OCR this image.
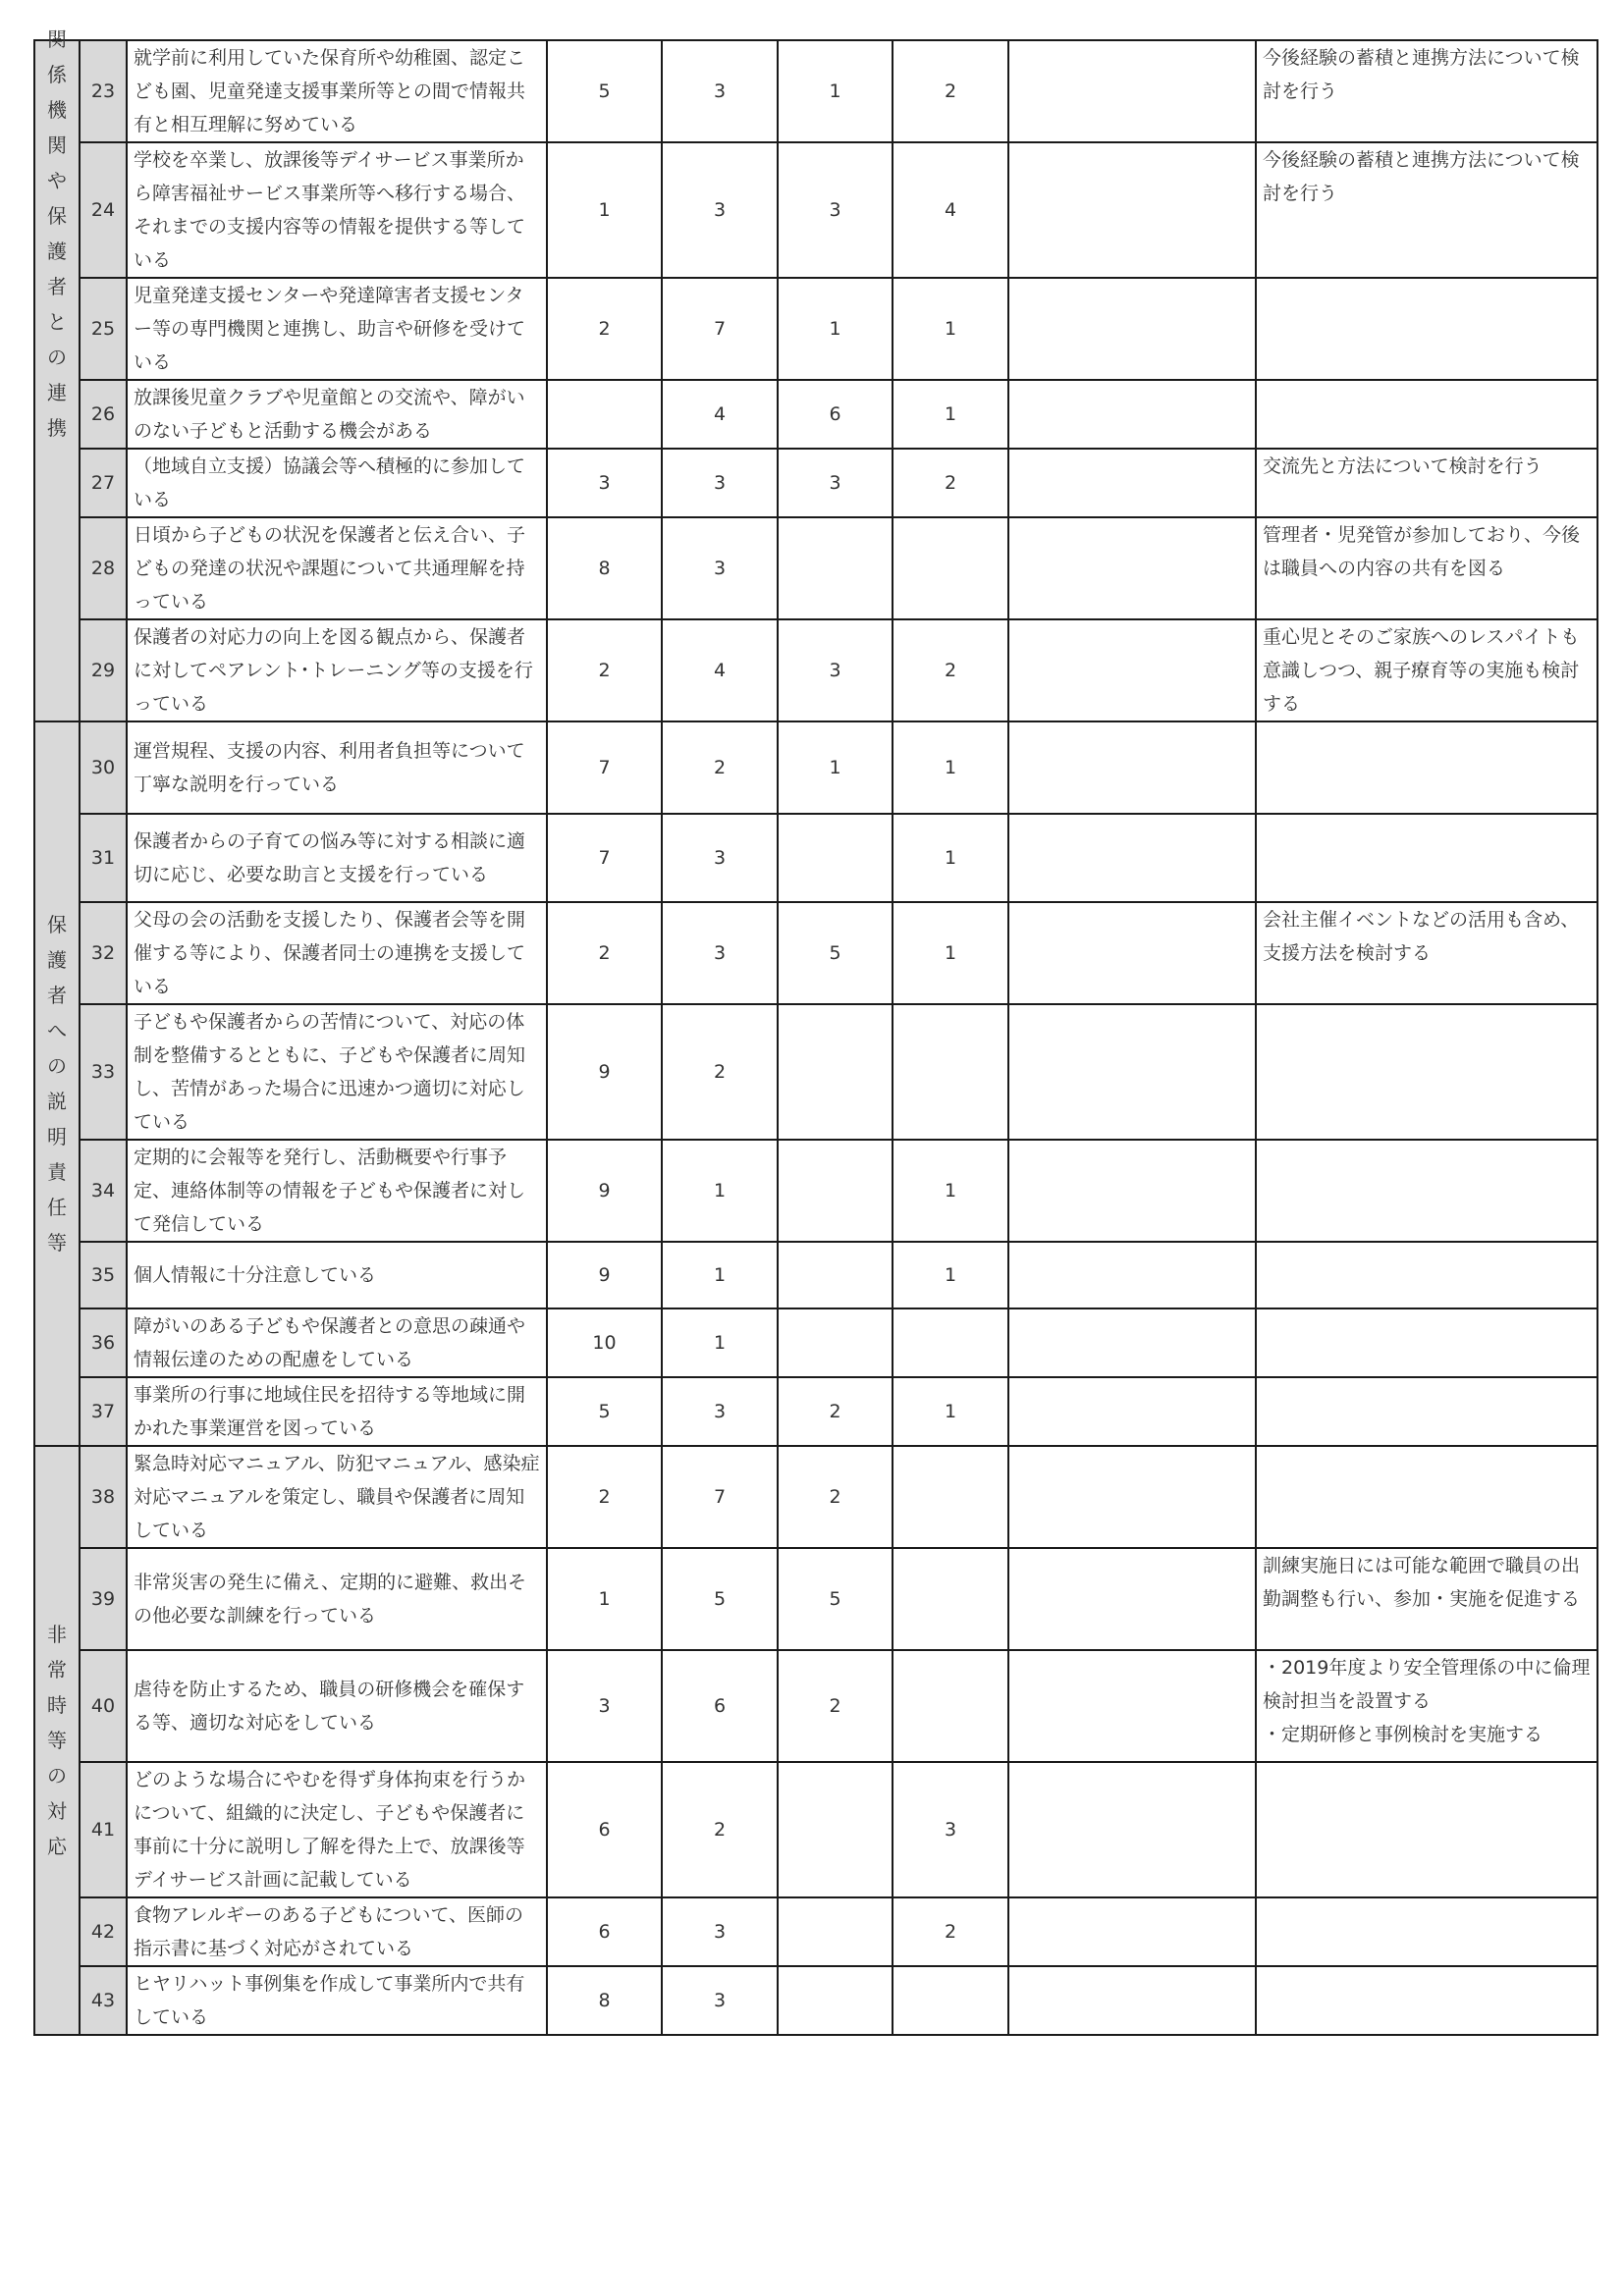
関係機関や保護者との連携	23	就学前に利用していた保育所や幼稚園、認定こども園、児童発達支援事業所等との間で情報共有と相互理解に努めている	5	3	1	2		今後経験の蓄積と連携方法について検討を行う
	24	学校を卒業し、放課後等デイサービス事業所から障害福祉サービス事業所等へ移行する場合、それまでの支援内容等の情報を提供する等している	1	3	3	4		今後経験の蓄積と連携方法について検討を行う
	25	児童発達支援センターや発達障害者支援センター等の専門機関と連携し、助言や研修を受けている	2	7	1	1		
	26	放課後児童クラブや児童館との交流や、障がいのない子どもと活動する機会がある		4	6	1		
	27	（地域自立支援）協議会等へ積極的に参加している	3	3	3	2		交流先と方法について検討を行う
	28	日頃から子どもの状況を保護者と伝え合い、子どもの発達の状況や課題について共通理解を持っている	8	3				管理者・児発管が参加しており、今後は職員への内容の共有を図る
	29	保護者の対応力の向上を図る観点から、保護者に対してペアレント･トレーニング等の支援を行っている	2	4	3	2		重心児とそのご家族へのレスパイトも意識しつつ、親子療育等の実施も検討する

保護者への説明責任等	30	運営規程、支援の内容、利用者負担等について丁寧な説明を行っている	7	2	1	1		
	31	保護者からの子育ての悩み等に対する相談に適切に応じ、必要な助言と支援を行っている	7	3		1		
	32	父母の会の活動を支援したり、保護者会等を開催する等により、保護者同士の連携を支援している	2	3	5	1		会社主催イベントなどの活用も含め、支援方法を検討する
	33	子どもや保護者からの苦情について、対応の体制を整備するとともに、子どもや保護者に周知し、苦情があった場合に迅速かつ適切に対応している	9	2				
	34	定期的に会報等を発行し、活動概要や行事予定、連絡体制等の情報を子どもや保護者に対して発信している	9	1		1		
	35	個人情報に十分注意している	9	1		1		
	36	障がいのある子どもや保護者との意思の疎通や情報伝達のための配慮をしている	10	1				
	37	事業所の行事に地域住民を招待する等地域に開かれた事業運営を図っている	5	3	2	1		

非常時等の対応	38	緊急時対応マニュアル、防犯マニュアル、感染症対応マニュアルを策定し、職員や保護者に周知している	2	7	2			
	39	非常災害の発生に備え、定期的に避難、救出その他必要な訓練を行っている	1	5	5			訓練実施日には可能な範囲で職員の出勤調整も行い、参加・実施を促進する
	40	虐待を防止するため、職員の研修機会を確保する等、適切な対応をしている	3	6	2			・2019年度より安全管理係の中に倫理検討担当を設置する
・定期研修と事例検討を実施する
	41	どのような場合にやむを得ず身体拘束を行うかについて、組織的に決定し、子どもや保護者に事前に十分に説明し了解を得た上で、放課後等デイサービス計画に記載している	6	2		3		
	42	食物アレルギーのある子どもについて、医師の指示書に基づく対応がされている	6	3		2		
	43	ヒヤリハット事例集を作成して事業所内で共有している	8	3				
